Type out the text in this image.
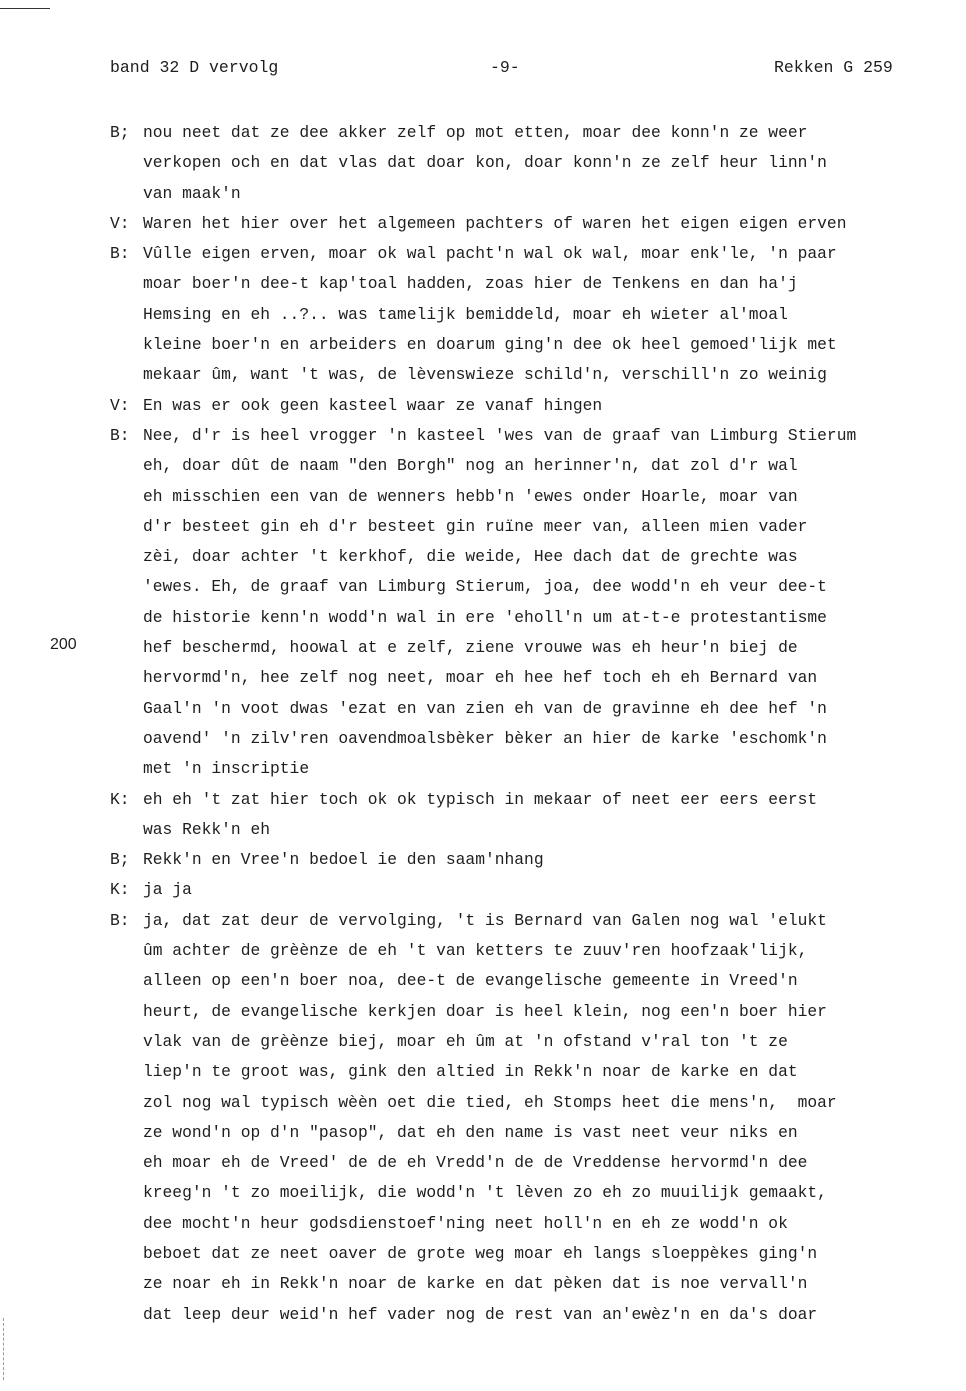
band 32 D vervolg	-9-	Rekken G 259
200
B; nou neet dat ze dee akker zelf op mot etten, moar dee konn'n ze weer
verkopen och en dat vlas dat doar kon, doar konn'n ze zelf heur linn'n
van maak'n
V: Waren het hier over het algemeen pachters of waren het eigen eigen erven
B: Vûlle eigen erven, moar ok wal pacht'n wal ok wal, moar enk'le, 'n paar
moar boer'n dee-t kap'toal hadden, zoas hier de Tenkens en dan ha'j
Hemsing en eh ..?.. was tamelijk bemiddeld, moar eh wieter al'moal
kleine boer'n en arbeiders en doarum ging'n dee ok heel gemoed'lijk met
mekaar ûm, want 't was, de lèvenswieze schild'n, verschill'n zo weinig
V: En was er ook geen kasteel waar ze vanaf hingen
B: Nee, d'r is heel vrogger 'n kasteel 'wes van de graaf van Limburg Stierum
eh, doar dût de naam "den Borgh" nog an herinner'n, dat zol d'r wal
eh misschien een van de wenners hebb'n 'ewes onder Hoarle, moar van
d'r besteet gin eh d'r besteet gin ruïne meer van, alleen mien vader
zèi, doar achter 't kerkhof, die weide, Hee dach dat de grechte was
'ewes. Eh, de graaf van Limburg Stierum, joa, dee wodd'n eh veur dee-t
de historie kenn'n wodd'n wal in ere 'eholl'n um at-t-e protestantisme
hef beschermd, hoowal at e zelf, ziene vrouwe was eh heur'n biej de
hervormd'n, hee zelf nog neet, moar eh hee hef toch eh eh Bernard van
Gaal'n 'n voot dwas 'ezat en van zien eh van de gravinne eh dee hef 'n
oavend' 'n zilv'ren oavendmoalsbèker bèker an hier de karke 'eschomk'n
met 'n inscriptie
K: eh eh 't zat hier toch ok ok typisch in mekaar of neet eer eers eerst
was Rekk'n eh
B; Rekk'n en Vree'n bedoel ie den saam'nhang
K: ja ja
B: ja, dat zat deur de vervolging, 't is Bernard van Galen nog wal 'elukt
ûm achter de grèènze de eh 't van ketters te zuuv'ren hoofzaak'lijk,
alleen op een'n boer noa, dee-t de evangelische gemeente in Vreed'n
heurt, de evangelische kerkjen doar is heel klein, nog een'n boer hier
vlak van de grèènze biej, moar eh ûm at 'n ofstand v'ral ton 't ze
liep'n te groot was, gink den altied in Rekk'n noar de karke en dat
zol nog wal typisch wèèn oet die tied, eh Stomps heet die mens'n,  moar
ze wond'n op d'n "pasop", dat eh den name is vast neet veur niks en
eh moar eh de Vreed' de de eh Vredd'n de de Vreddense hervormd'n dee
kreeg'n 't zo moeilijk, die wodd'n 't lèven zo eh zo muuilijk gemaakt,
dee mocht'n heur godsdienstoef'ning neet holl'n en eh ze wodd'n ok
beboet dat ze neet oaver de grote weg moar eh langs sloeppèkes ging'n
ze noar eh in Rekk'n noar de karke en dat pèken dat is noe vervall'n
dat leep deur weid'n hef vader nog de rest van an'ewèz'n en da's doar
